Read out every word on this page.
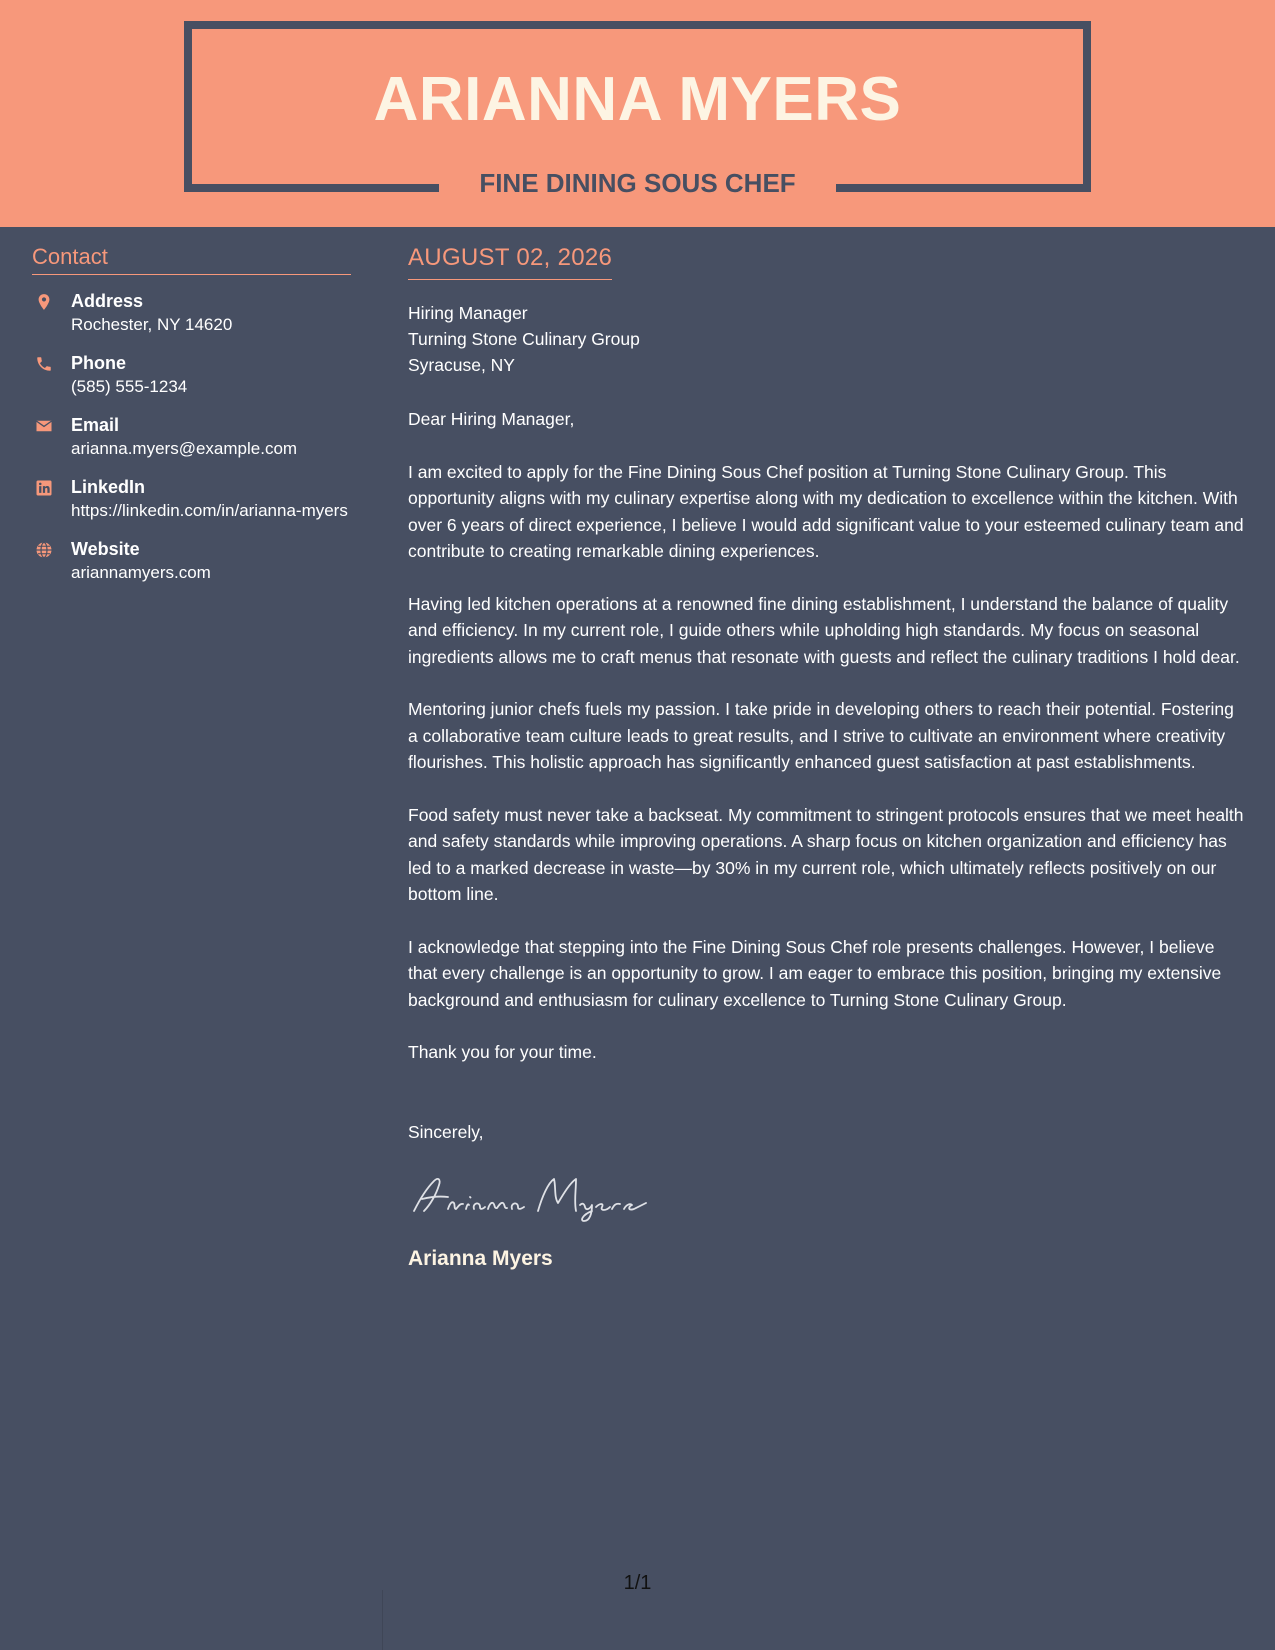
ARIANNA MYERS
FINE DINING SOUS CHEF
Contact
Address
Rochester, NY 14620
Phone
(585) 555-1234
Email
arianna.myers@example.com
LinkedIn
https://linkedin.com/in/arianna-myers
Website
ariannamyers.com
AUGUST 02, 2026
Hiring Manager
Turning Stone Culinary Group
Syracuse, NY
Dear Hiring Manager,
I am excited to apply for the Fine Dining Sous Chef position at Turning Stone Culinary Group. This opportunity aligns with my culinary expertise along with my dedication to excellence within the kitchen. With over 6 years of direct experience, I believe I would add significant value to your esteemed culinary team and contribute to creating remarkable dining experiences.
Having led kitchen operations at a renowned fine dining establishment, I understand the balance of quality and efficiency. In my current role, I guide others while upholding high standards. My focus on seasonal ingredients allows me to craft menus that resonate with guests and reflect the culinary traditions I hold dear.
Mentoring junior chefs fuels my passion. I take pride in developing others to reach their potential. Fostering a collaborative team culture leads to great results, and I strive to cultivate an environment where creativity flourishes. This holistic approach has significantly enhanced guest satisfaction at past establishments.
Food safety must never take a backseat. My commitment to stringent protocols ensures that we meet health and safety standards while improving operations. A sharp focus on kitchen organization and efficiency has led to a marked decrease in waste—by 30% in my current role, which ultimately reflects positively on our bottom line.
I acknowledge that stepping into the Fine Dining Sous Chef role presents challenges. However, I believe that every challenge is an opportunity to grow. I am eager to embrace this position, bringing my extensive background and enthusiasm for culinary excellence to Turning Stone Culinary Group.
Thank you for your time.
Sincerely,
Arianna Myers
1/1
